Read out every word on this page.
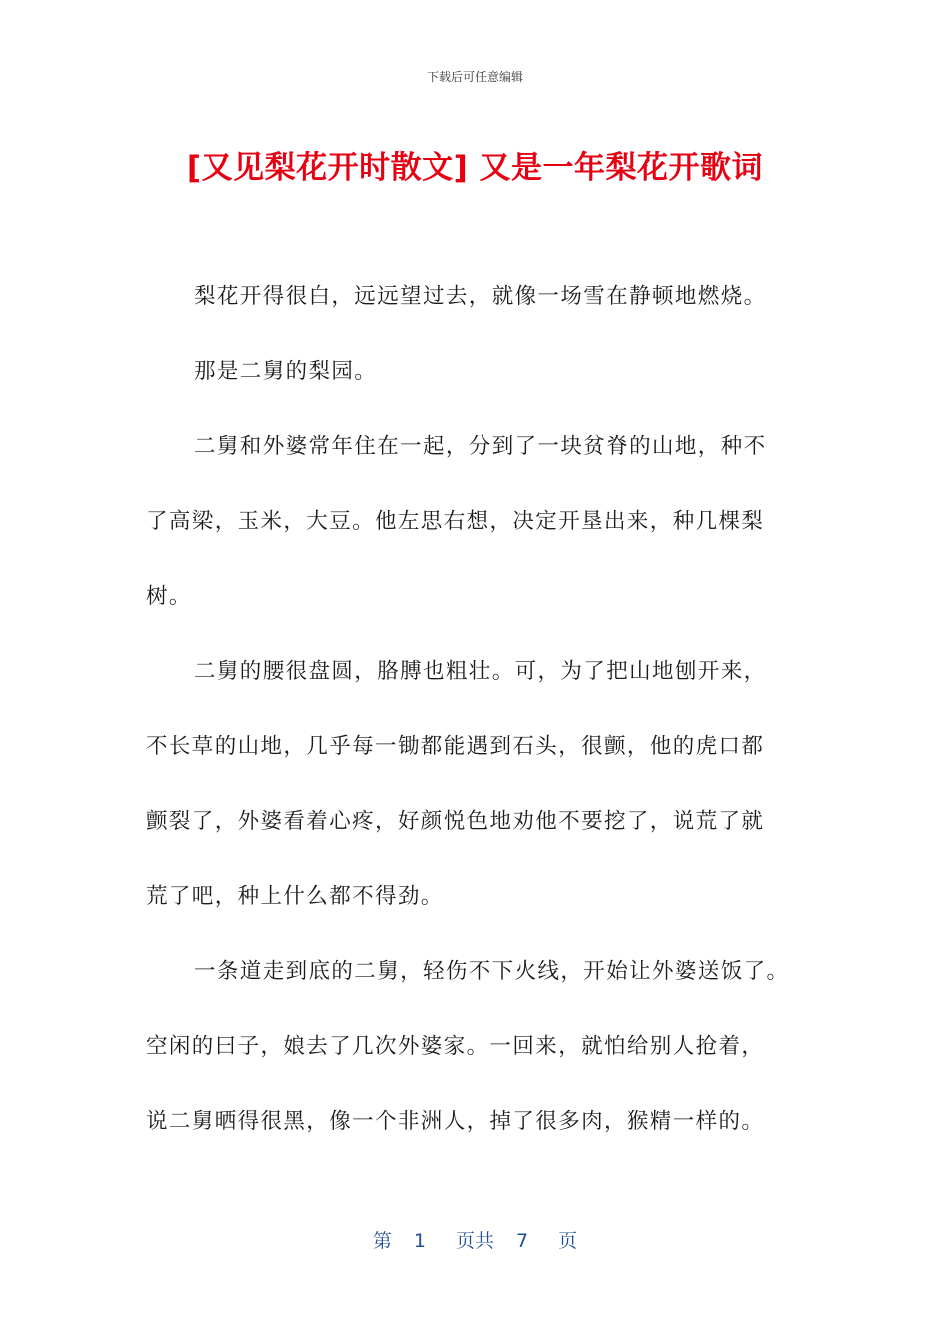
下载后可任意编辑
[又见梨花开时散文] 又是一年梨花开歌词
梨花开得很白，远远望过去，就像一场雪在静顿地燃烧。
那是二舅的梨园。
二舅和外婆常年住在一起，分到了一块贫脊的山地，种不
了高梁，玉米，大豆。他左思右想，决定开垦出来，种几棵梨
树。
二舅的腰很盘圆，胳膊也粗壮。可，为了把山地刨开来，
不长草的山地，几乎每一锄都能遇到石头，很颤，他的虎口都
颤裂了，外婆看着心疼，好颜悦色地劝他不要挖了，说荒了就
荒了吧，种上什么都不得劲。
一条道走到底的二舅，轻伤不下火线，开始让外婆送饭了。
空闲的曰子，娘去了几次外婆家。一回来，就怕给别人抢着，
说二舅晒得很黑，像一个非洲人，掉了很多肉，猴精一样的。
第 1 页共 7 页
